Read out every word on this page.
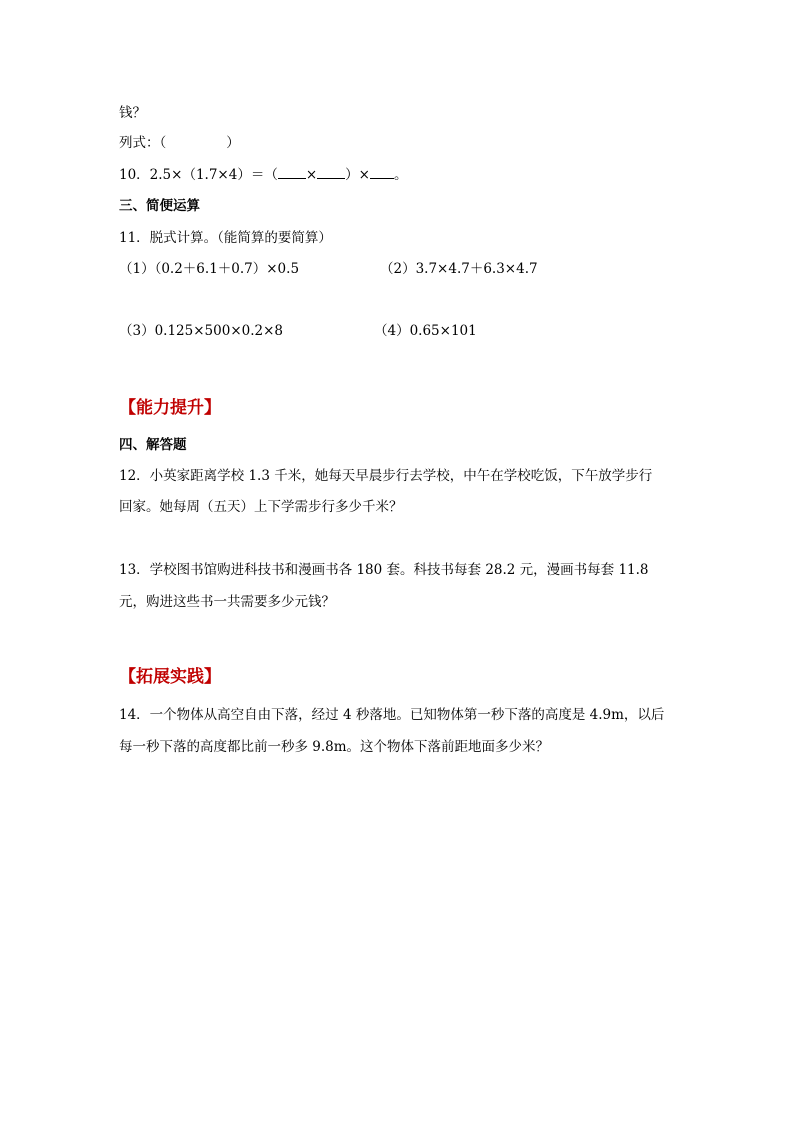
钱？
列式：（	）
10．2.5×（1.7×4）＝（ × ）× 。
三、简便运算
11．脱式计算。（能简算的要简算）
（1）（0.2＋6.1＋0.7）×0.5	（2）3.7×4.7＋6.3×4.7
（3）0.125×500×0.2×8	（4）0.65×101
【能力提升】
四、解答题
12．小英家距离学校 1.3 千米，她每天早晨步行去学校，中午在学校吃饭，下午放学步行
回家。她每周（五天）上下学需步行多少千米？
13．学校图书馆购进科技书和漫画书各 180 套。科技书每套 28.2 元，漫画书每套 11.8
元，购进这些书一共需要多少元钱？
【拓展实践】
14．一个物体从高空自由下落，经过 4 秒落地。已知物体第一秒下落的高度是 4.9m，以后
每一秒下落的高度都比前一秒多 9.8m。这个物体下落前距地面多少米？
